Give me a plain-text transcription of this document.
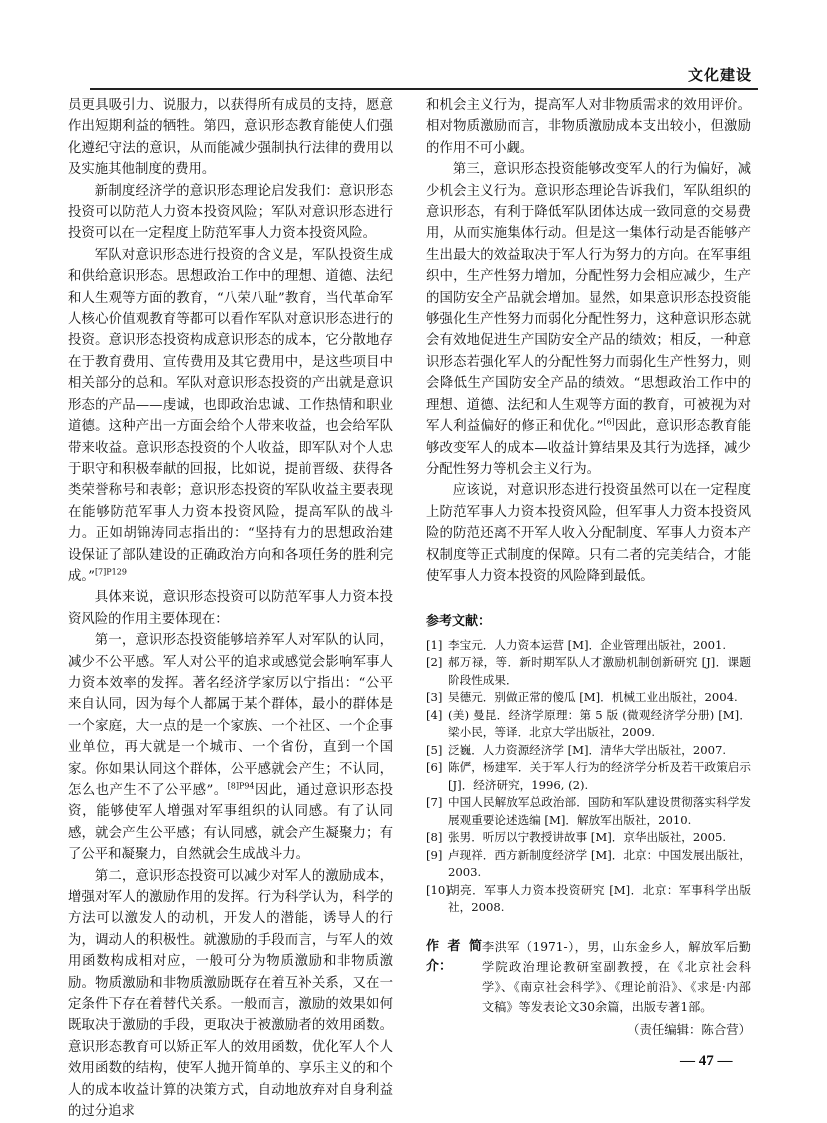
文化建设

员更具吸引力、说服力，以获得所有成员的支持，愿意作出短期利益的牺牲。第四，意识形态教育能使人们强化遵纪守法的意识，从而能减少强制执行法律的费用以及实施其他制度的费用。

新制度经济学的意识形态理论启发我们：意识形态投资可以防范人力资本投资风险；军队对意识形态进行投资可以在一定程度上防范军事人力资本投资风险。

军队对意识形态进行投资的含义是，军队投资生成和供给意识形态。思想政治工作中的理想、道德、法纪和人生观等方面的教育，“八荣八耻”教育，当代革命军人核心价值观教育等都可以看作军队对意识形态进行的投资。意识形态投资构成意识形态的成本，它分散地存在于教育费用、宣传费用及其它费用中，是这些项目中相关部分的总和。军队对意识形态投资的产出就是意识形态的产品——虔诚，也即政治忠诚、工作热情和职业道德。这种产出一方面会给个人带来收益，也会给军队带来收益。意识形态投资的个人收益，即军队对个人忠于职守和积极奉献的回报，比如说，提前晋级、获得各类荣誉称号和表彰；意识形态投资的军队收益主要表现在能够防范军事人力资本投资风险，提高军队的战斗力。正如胡锦涛同志指出的：“坚持有力的思想政治建设保证了部队建设的正确政治方向和各项任务的胜利完成。”$^{[7]P129}$

具体来说，意识形态投资可以防范军事人力资本投资风险的作用主要体现在：

第一，意识形态投资能够培养军人对军队的认同，减少不公平感。军人对公平的追求或感觉会影响军事人力资本效率的发挥。著名经济学家厉以宁指出：“公平来自认同，因为每个人都属于某个群体，最小的群体是一个家庭，大一点的是一个家族、一个社区、一个企事业单位，再大就是一个城市、一个省份，直到一个国家。你如果认同这个群体，公平感就会产生；不认同，怎么也产生不了公平感”。$^{[8]P94}$因此，通过意识形态投资，能够使军人增强对军事组织的认同感。有了认同感，就会产生公平感；有认同感，就会产生凝聚力；有了公平和凝聚力，自然就会生成战斗力。

第二，意识形态投资可以减少对军人的激励成本，增强对军人的激励作用的发挥。行为科学认为，科学的方法可以激发人的动机，开发人的潜能，诱导人的行为，调动人的积极性。就激励的手段而言，与军人的效用函数构成相对应，一般可分为物质激励和非物质激励。物质激励和非物质激励既存在着互补关系，又在一定条件下存在着替代关系。一般而言，激励的效果如何既取决于激励的手段，更取决于被激励者的效用函数。意识形态教育可以矫正军人的效用函数，优化军人个人效用函数的结构，使军人抛开简单的、享乐主义的和个人的成本收益计算的决策方式，自动地放弃对自身利益的过分追求

和机会主义行为，提高军人对非物质需求的效用评价。相对物质激励而言，非物质激励成本支出较小，但激励的作用不可小觑。

第三，意识形态投资能够改变军人的行为偏好，减少机会主义行为。意识形态理论告诉我们，军队组织的意识形态，有利于降低军队团体达成一致同意的交易费用，从而实施集体行动。但是这一集体行动是否能够产生出最大的效益取决于军人行为努力的方向。在军事组织中，生产性努力增加，分配性努力会相应减少，生产的国防安全产品就会增加。显然，如果意识形态投资能够强化生产性努力而弱化分配性努力，这种意识形态就会有效地促进生产国防安全产品的绩效；相反，一种意识形态若强化军人的分配性努力而弱化生产性努力，则会降低生产国防安全产品的绩效。“思想政治工作中的理想、道德、法纪和人生观等方面的教育，可被视为对军人利益偏好的修正和优化。”[6]因此，意识形态教育能够改变军人的成本—收益计算结果及其行为选择，减少分配性努力等机会主义行为。

应该说，对意识形态进行投资虽然可以在一定程度上防范军事人力资本投资风险，但军事人力资本投资风险的防范还离不开军人收入分配制度、军事人力资本产权制度等正式制度的保障。只有二者的完美结合，才能使军事人力资本投资的风险降到最低。

参考文献：
[1] 李宝元．人力资本运营 [M]．企业管理出版社，2001.
[2] 郝万禄，等．新时期军队人才激励机制创新研究 [J]．课题阶段性成果．
[3] 吴德元．别做正常的傻瓜 [M]．机械工业出版社，2004.
[4] (美) 曼昆．经济学原理：第 5 版 (微观经济学分册) [M]．梁小民，等译．北京大学出版社，2009.
[5] 泛巍．人力资源经济学 [M]．清华大学出版社，2007.
[6] 陈俨，杨建军．关于军人行为的经济学分析及若干政策启示 [J]．经济研究，1996, (2).
[7] 中国人民解放军总政治部．国防和军队建设贯彻落实科学发展观重要论述选编 [M]．解放军出版社，2010.
[8] 张男．听厉以宁教授讲故事 [M]．京华出版社，2005.
[9] 卢现祥．西方新制度经济学 [M]．北京：中国发展出版社，2003.
[10]
胡亮．军事人力资本投资研究 [M]．北京：军事科学出版社，2008.
作者简介：
李洪军（1971-），男，山东金乡人，解放军后勤学院政治理论教研室副教授，在《北京社会科学》、《南京社会科学》、《理论前沿》、《求是·内部文稿》等发表论文30余篇，出版专著1部。
（责任编辑：陈合营）
— 47 —
